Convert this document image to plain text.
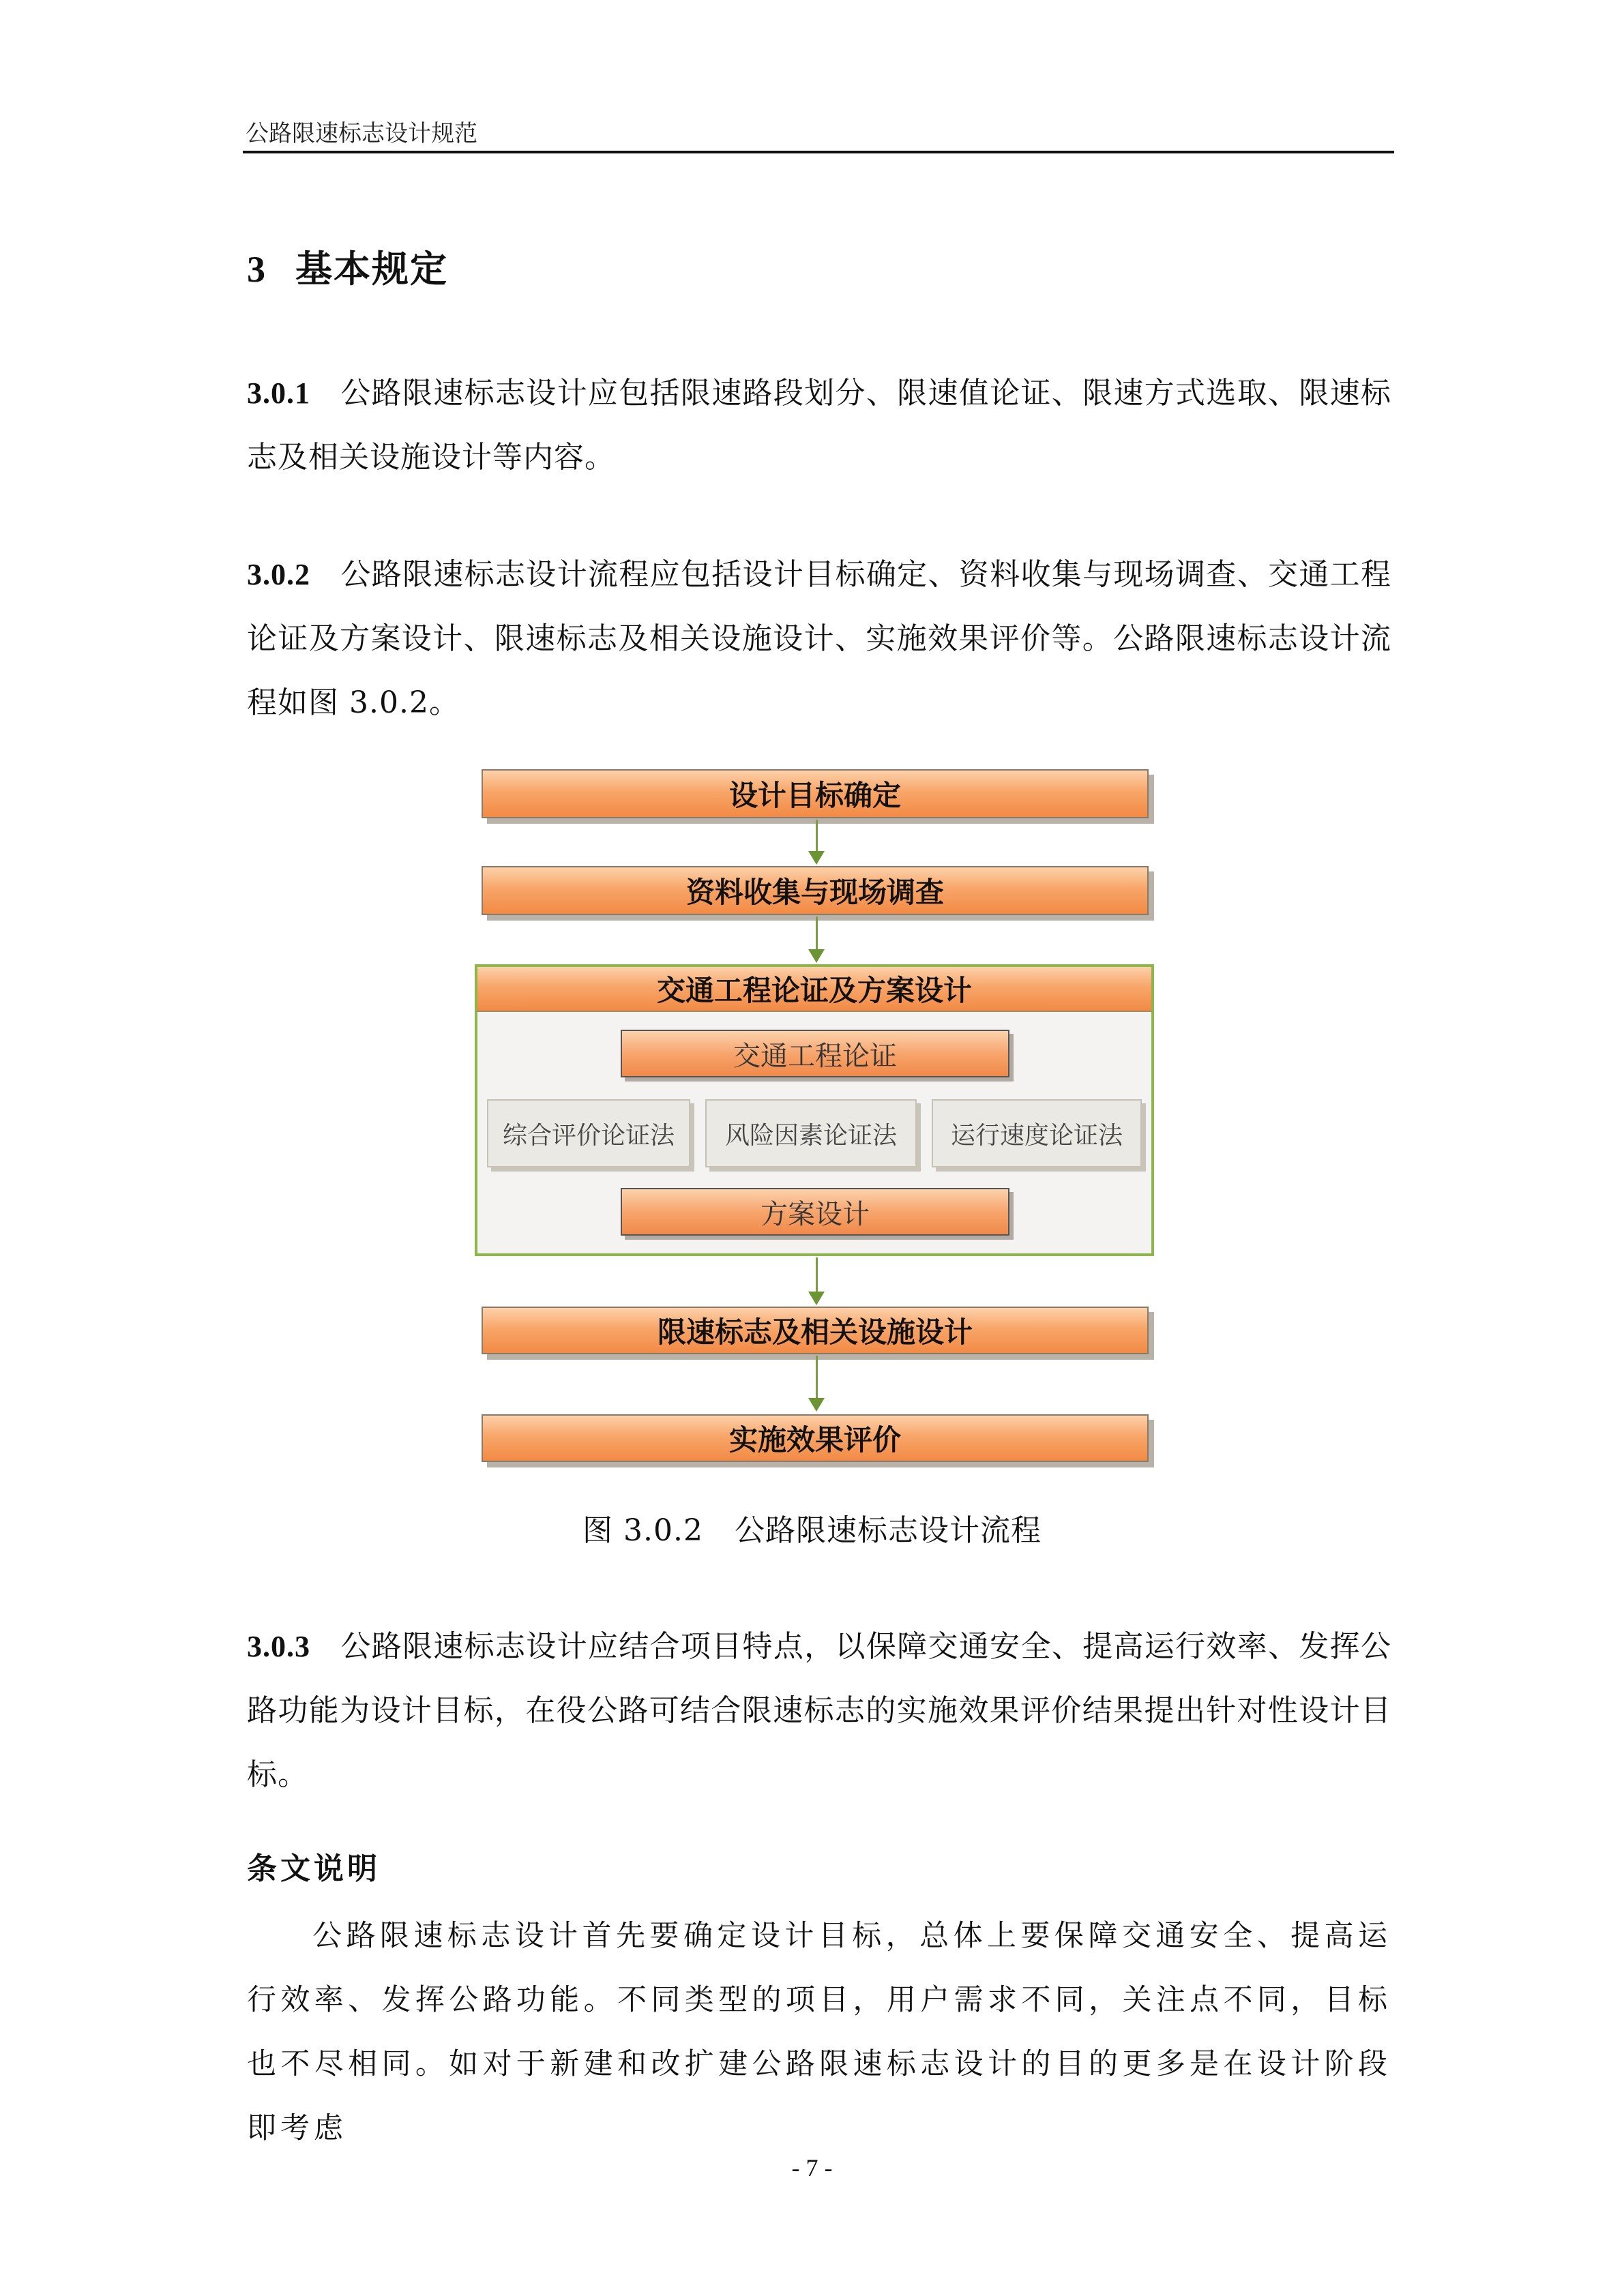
公路限速标志设计规范
3 基本规定
3.0.1 公路限速标志设计应包括限速路段划分、限速值论证、限速方式选取、限速标志及相关设施设计等内容。
3.0.2 公路限速标志设计流程应包括设计目标确定、资料收集与现场调查、交通工程论证及方案设计、限速标志及相关设施设计、实施效果评价等。公路限速标志设计流程如图 3.0.2。
设计目标确定
资料收集与现场调查
交通工程论证及方案设计
交通工程论证
综合评价论证法	风险因素论证法	运行速度论证法
方案设计
限速标志及相关设施设计
实施效果评价
图 3.0.2 公路限速标志设计流程
3.0.3 公路限速标志设计应结合项目特点，以保障交通安全、提高运行效率、发挥公路功能为设计目标，在役公路可结合限速标志的实施效果评价结果提出针对性设计目标。
条文说明
公路限速标志设计首先要确定设计目标，总体上要保障交通安全、提高运行效率、发挥公路功能。不同类型的项目，用户需求不同，关注点不同，目标也不尽相同。如对于新建和改扩建公路限速标志设计的目的更多是在设计阶段即考虑
- 7 -
